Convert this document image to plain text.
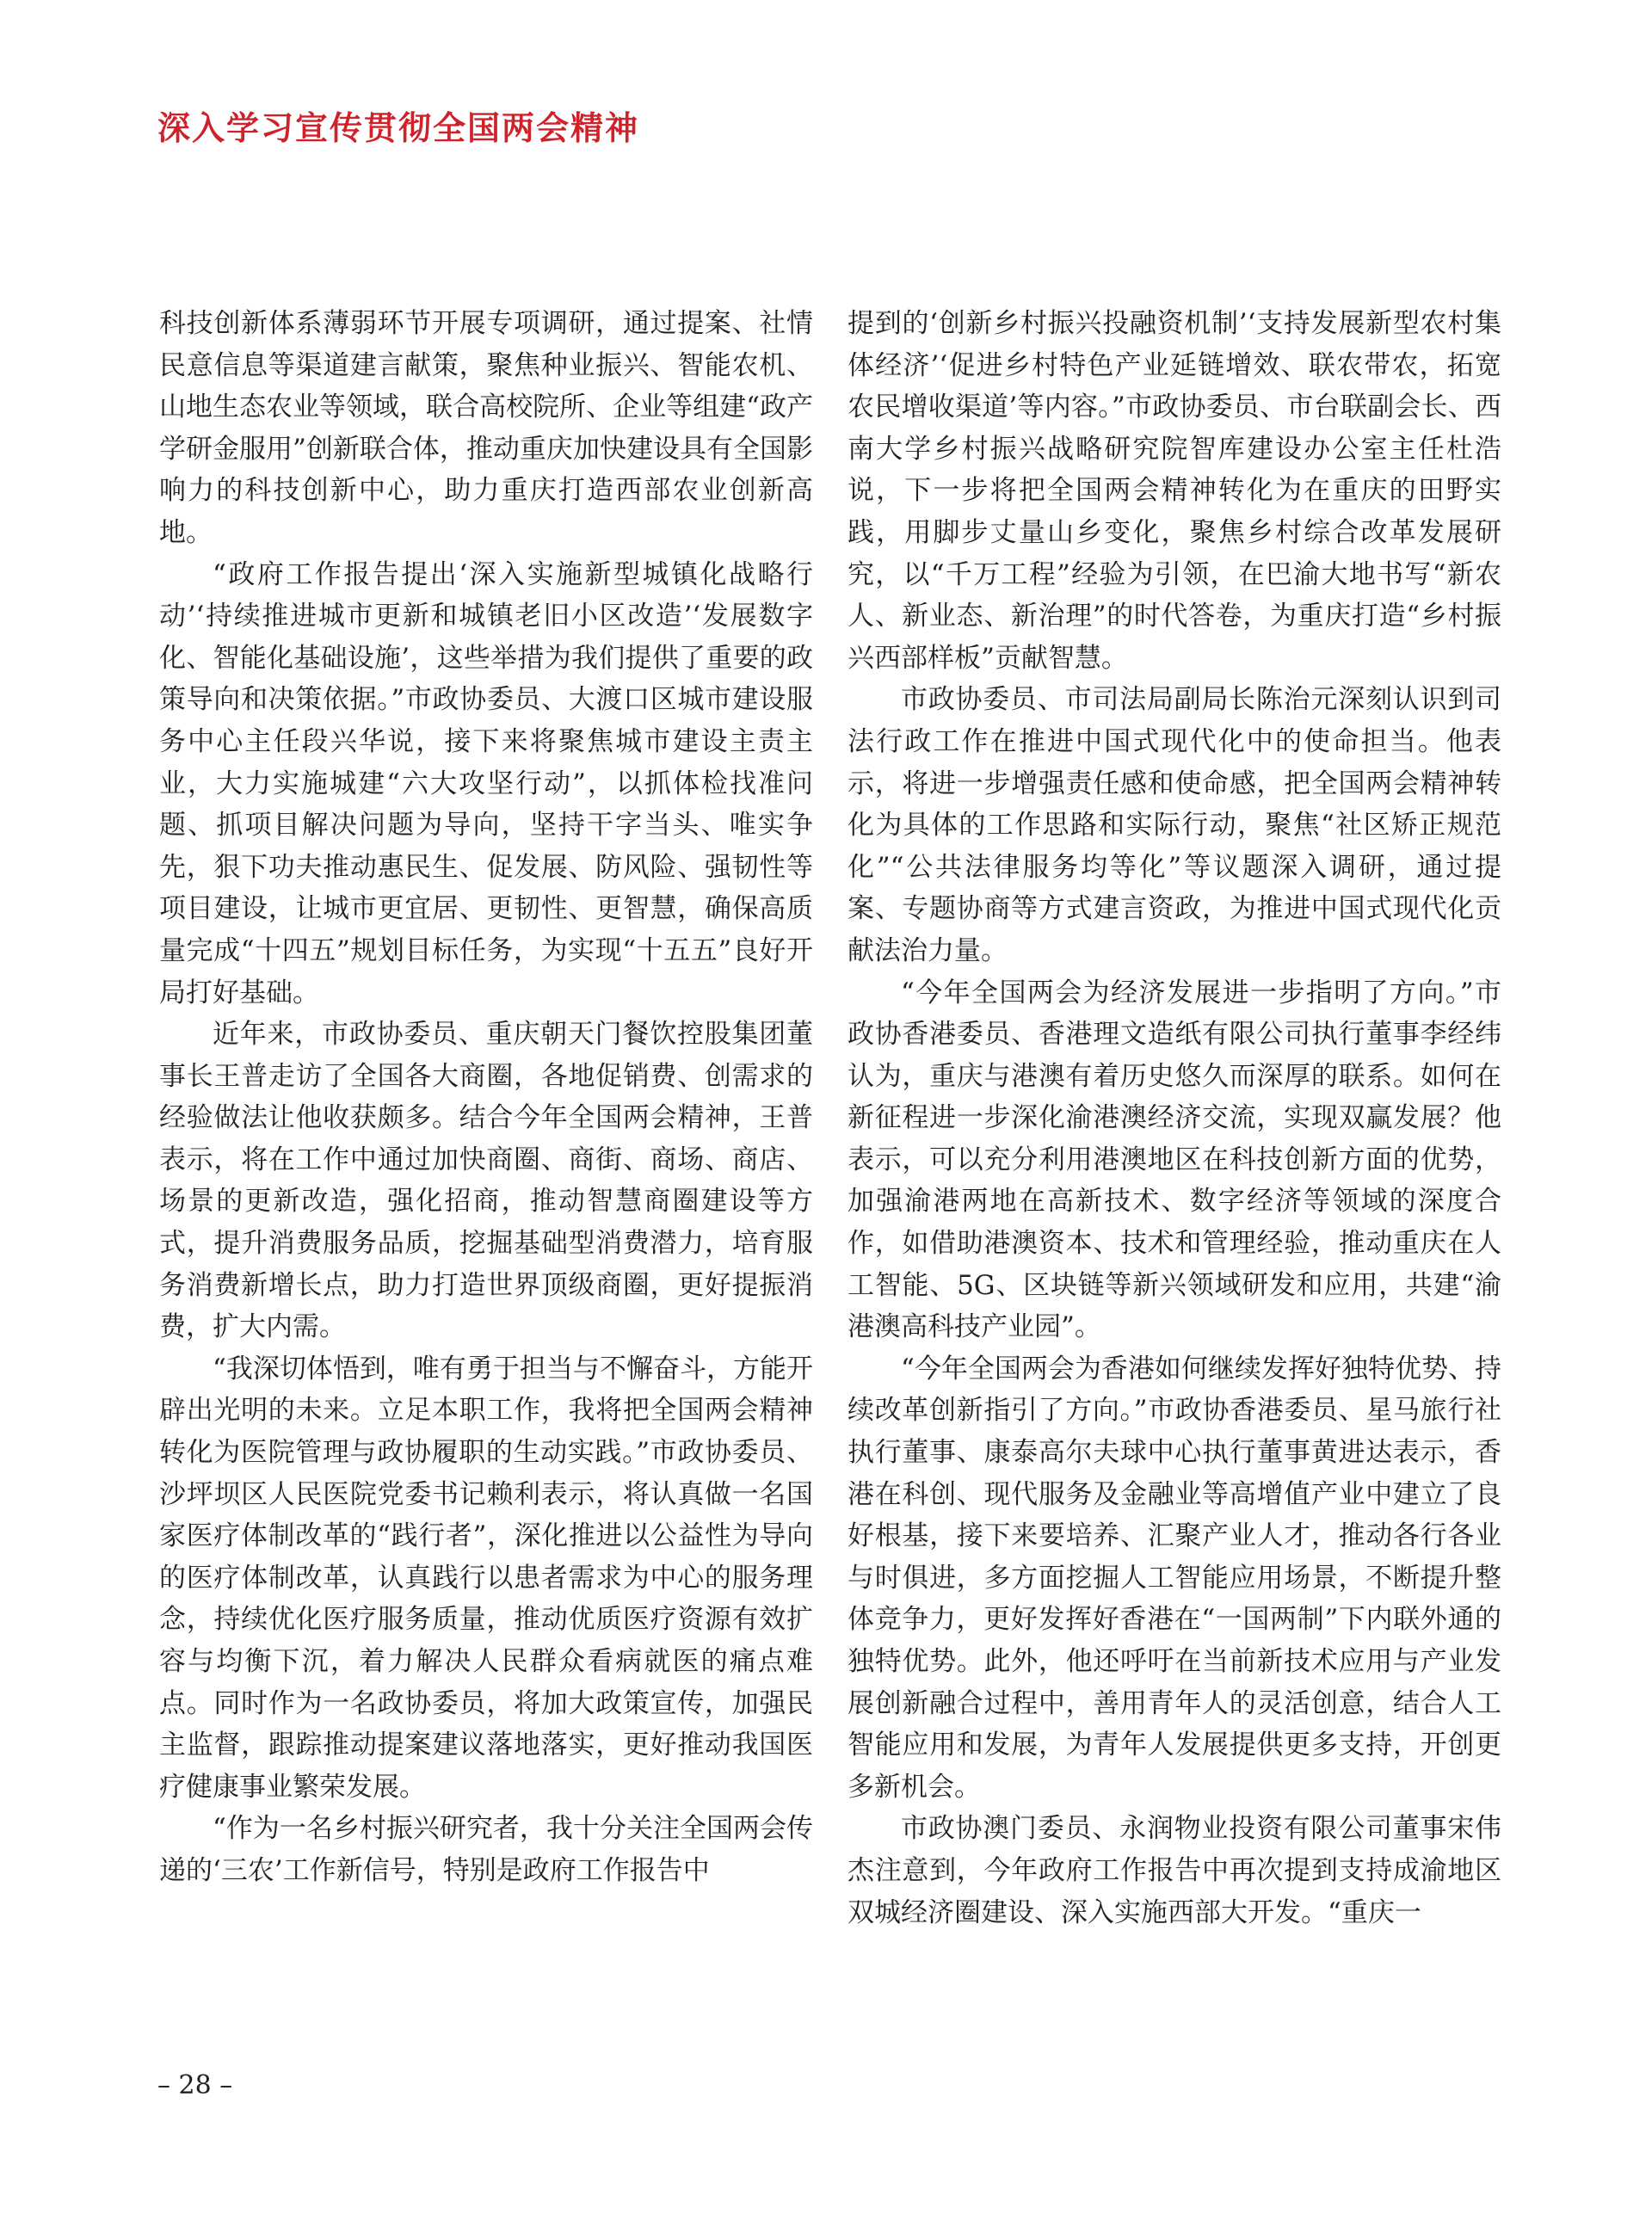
深入学习宣传贯彻全国两会精神

科技创新体系薄弱环节开展专项调研，通过提案、社情民意信息等渠道建言献策，聚焦种业振兴、智能农机、山地生态农业等领域，联合高校院所、企业等组建“政产学研金服用”创新联合体，推动重庆加快建设具有全国影响力的科技创新中心，助力重庆打造西部农业创新高地。

“政府工作报告提出‘深入实施新型城镇化战略行动’‘持续推进城市更新和城镇老旧小区改造’‘发展数字化、智能化基础设施’，这些举措为我们提供了重要的政策导向和决策依据。”市政协委员、大渡口区城市建设服务中心主任段兴华说，接下来将聚焦城市建设主责主业，大力实施城建“六大攻坚行动”，以抓体检找准问题、抓项目解决问题为导向，坚持干字当头、唯实争先，狠下功夫推动惠民生、促发展、防风险、强韧性等项目建设，让城市更宜居、更韧性、更智慧，确保高质量完成“十四五”规划目标任务，为实现“十五五”良好开局打好基础。

近年来，市政协委员、重庆朝天门餐饮控股集团董事长王普走访了全国各大商圈，各地促销费、创需求的经验做法让他收获颇多。结合今年全国两会精神，王普表示，将在工作中通过加快商圈、商街、商场、商店、场景的更新改造，强化招商，推动智慧商圈建设等方式，提升消费服务品质，挖掘基础型消费潜力，培育服务消费新增长点，助力打造世界顶级商圈，更好提振消费，扩大内需。

“我深切体悟到，唯有勇于担当与不懈奋斗，方能开辟出光明的未来。立足本职工作，我将把全国两会精神转化为医院管理与政协履职的生动实践。”市政协委员、沙坪坝区人民医院党委书记赖利表示，将认真做一名国家医疗体制改革的“践行者”，深化推进以公益性为导向的医疗体制改革，认真践行以患者需求为中心的服务理念，持续优化医疗服务质量，推动优质医疗资源有效扩容与均衡下沉，着力解决人民群众看病就医的痛点难点。同时作为一名政协委员，将加大政策宣传，加强民主监督，跟踪推动提案建议落地落实，更好推动我国医疗健康事业繁荣发展。

“作为一名乡村振兴研究者，我十分关注全国两会传递的‘三农’工作新信号，特别是政府工作报告中

提到的‘创新乡村振兴投融资机制’‘支持发展新型农村集体经济’‘促进乡村特色产业延链增效、联农带农，拓宽农民增收渠道’等内容。”市政协委员、市台联副会长、西南大学乡村振兴战略研究院智库建设办公室主任杜浩说，下一步将把全国两会精神转化为在重庆的田野实践，用脚步丈量山乡变化，聚焦乡村综合改革发展研究，以“千万工程”经验为引领，在巴渝大地书写“新农人、新业态、新治理”的时代答卷，为重庆打造“乡村振兴西部样板”贡献智慧。

市政协委员、市司法局副局长陈治元深刻认识到司法行政工作在推进中国式现代化中的使命担当。他表示，将进一步增强责任感和使命感，把全国两会精神转化为具体的工作思路和实际行动，聚焦“社区矫正规范化”“公共法律服务均等化”等议题深入调研，通过提案、专题协商等方式建言资政，为推进中国式现代化贡献法治力量。

“今年全国两会为经济发展进一步指明了方向。”市政协香港委员、香港理文造纸有限公司执行董事李经纬认为，重庆与港澳有着历史悠久而深厚的联系。如何在新征程进一步深化渝港澳经济交流，实现双赢发展？他表示，可以充分利用港澳地区在科技创新方面的优势，加强渝港两地在高新技术、数字经济等领域的深度合作，如借助港澳资本、技术和管理经验，推动重庆在人工智能、5G、区块链等新兴领域研发和应用，共建“渝港澳高科技产业园”。

“今年全国两会为香港如何继续发挥好独特优势、持续改革创新指引了方向。”市政协香港委员、星马旅行社执行董事、康泰高尔夫球中心执行董事黄进达表示，香港在科创、现代服务及金融业等高增值产业中建立了良好根基，接下来要培养、汇聚产业人才，推动各行各业与时俱进，多方面挖掘人工智能应用场景，不断提升整体竞争力，更好发挥好香港在“一国两制”下内联外通的独特优势。此外，他还呼吁在当前新技术应用与产业发展创新融合过程中，善用青年人的灵活创意，结合人工智能应用和发展，为青年人发展提供更多支持，开创更多新机会。

市政协澳门委员、永润物业投资有限公司董事宋伟杰注意到，今年政府工作报告中再次提到支持成渝地区双城经济圈建设、深入实施西部大开发。“重庆一

– 28 –
